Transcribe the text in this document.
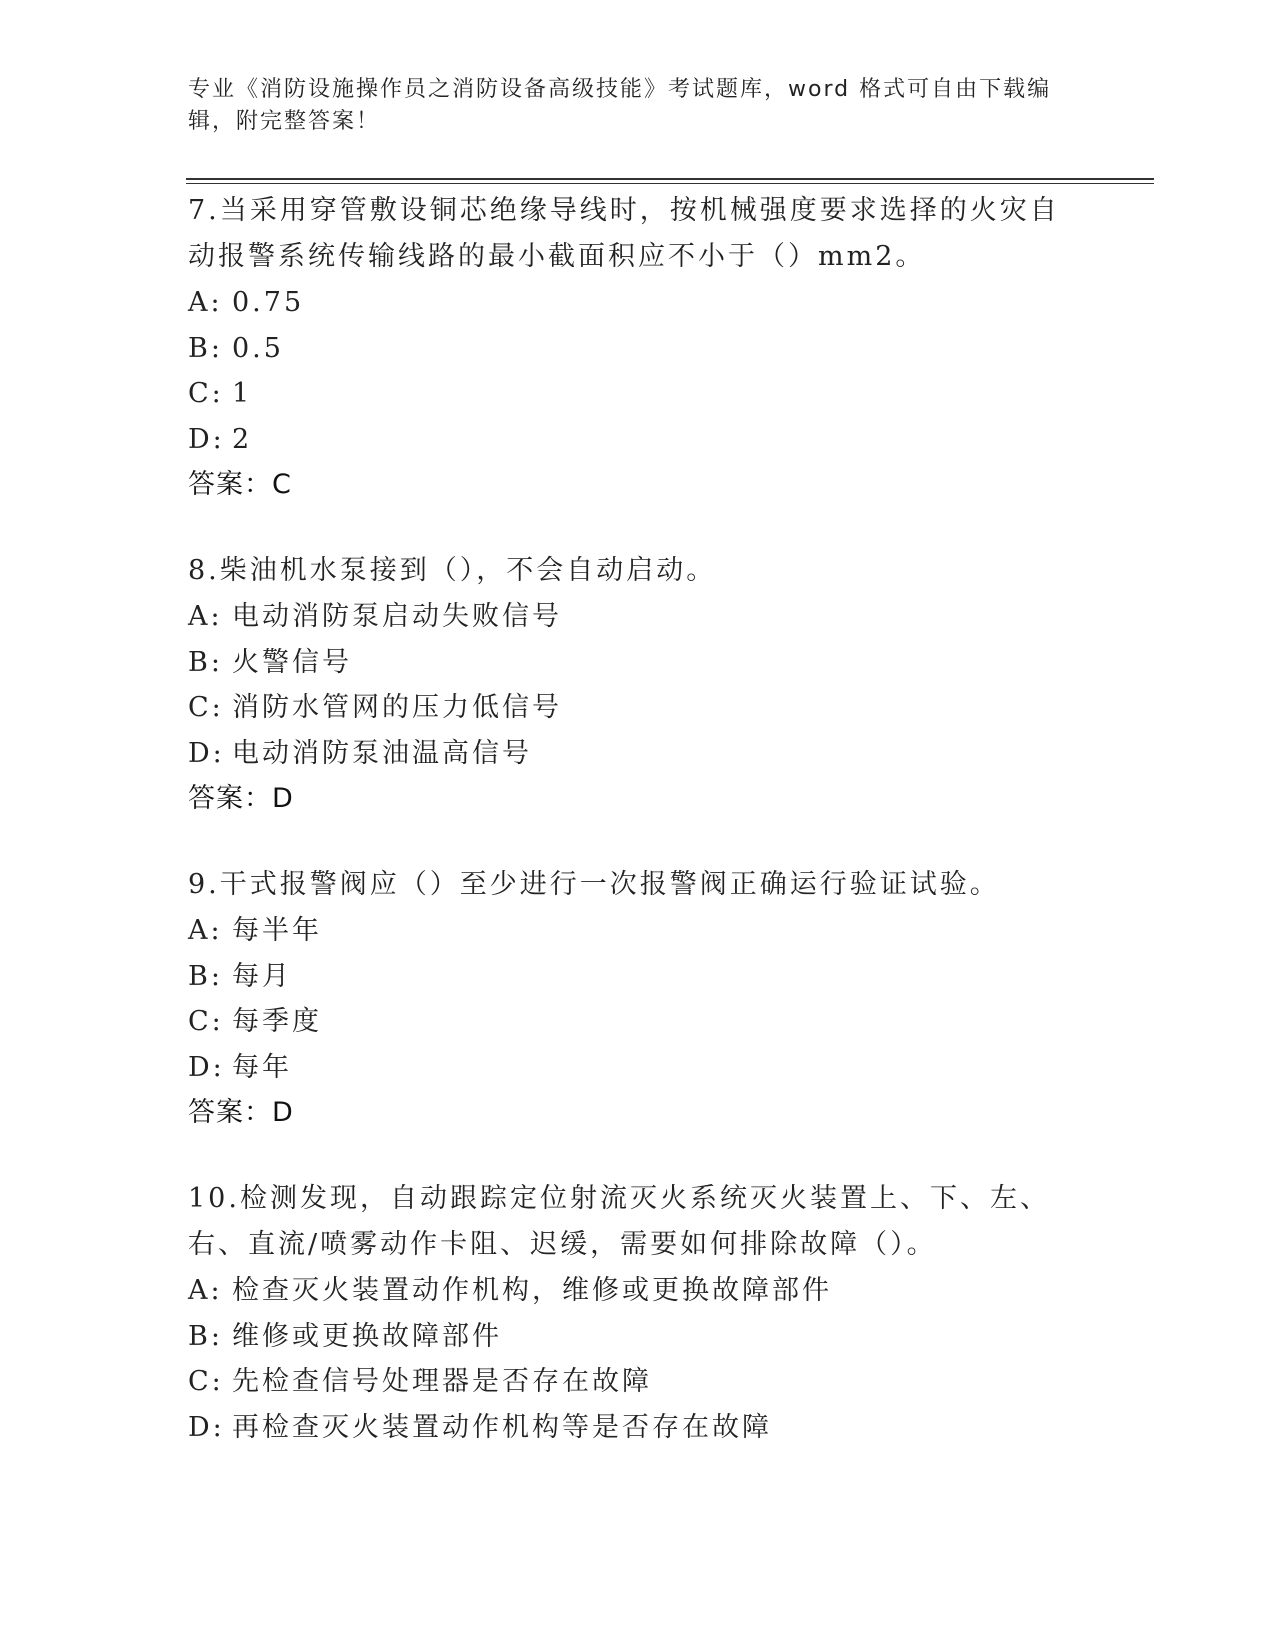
专业《消防设施操作员之消防设备高级技能》考试题库，word 格式可自由下载编辑，附完整答案！
7.当采用穿管敷设铜芯绝缘导线时，按机械强度要求选择的火灾自动报警系统传输线路的最小截面积应不小于（）mm2。
A: 0.75
B: 0.5
C: 1
D: 2
答案：C
8.柴油机水泵接到（），不会自动启动。
A: 电动消防泵启动失败信号
B: 火警信号
C: 消防水管网的压力低信号
D: 电动消防泵油温高信号
答案：D
9.干式报警阀应（）至少进行一次报警阀正确运行验证试验。
A: 每半年
B: 每月
C: 每季度
D: 每年
答案：D
10.检测发现，自动跟踪定位射流灭火系统灭火装置上、下、左、右、直流/喷雾动作卡阻、迟缓，需要如何排除故障（）。
A: 检查灭火装置动作机构，维修或更换故障部件
B: 维修或更换故障部件
C: 先检查信号处理器是否存在故障
D: 再检查灭火装置动作机构等是否存在故障
